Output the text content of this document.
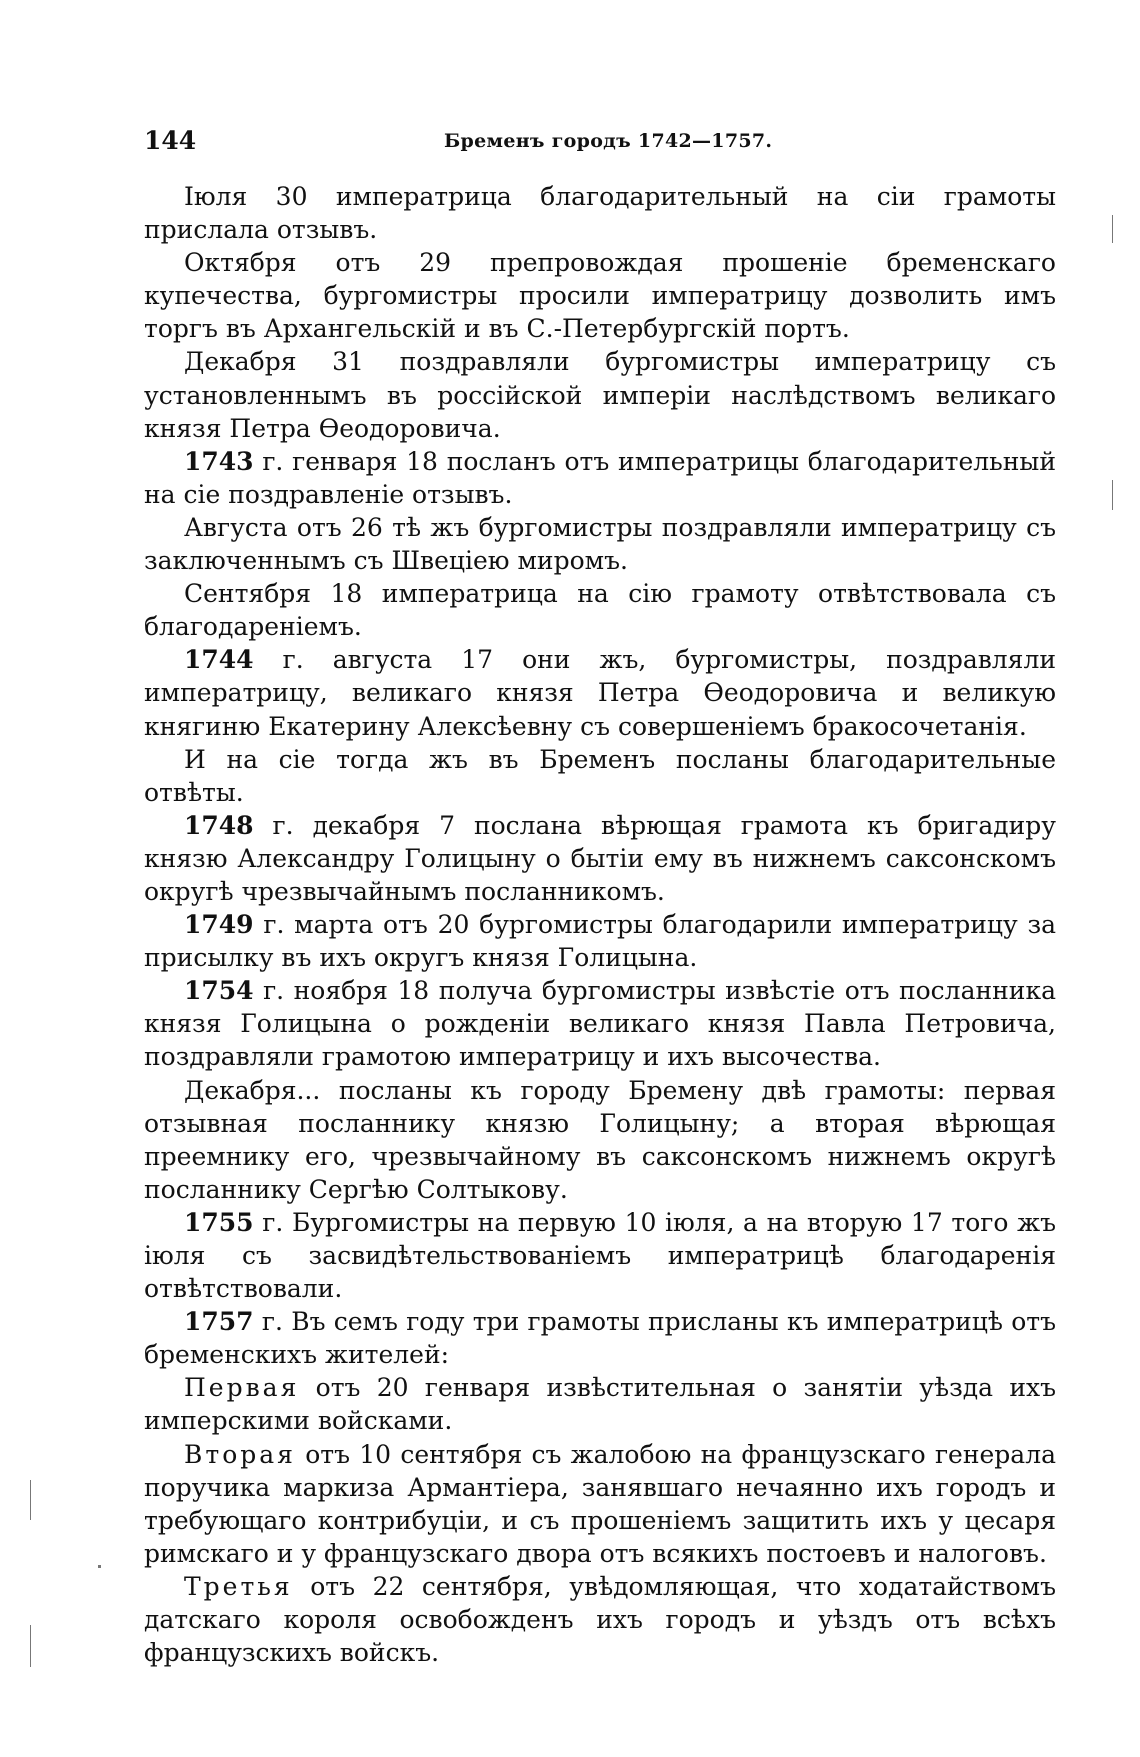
144	Бременъ городъ 1742—1757.

Іюля 30 императрица благодарительный на сіи грамоты прислала отзывъ.

Октября отъ 29 препровождая прошеніе бременскаго купечества, бургомистры просили императрицу дозволить имъ торгъ въ Архангельскій и въ С.-Петербургскій портъ.

Декабря 31 поздравляли бургомистры императрицу съ установленнымъ въ россійской имперіи наслѣдствомъ великаго князя Петра Ѳеодоровича.

1743 г. генваря 18 посланъ отъ императрицы благодарительный на сіе поздравленіе отзывъ.

Августа отъ 26 тѣ жъ бургомистры поздравляли императрицу съ заключеннымъ съ Швеціею миромъ.

Сентября 18 императрица на сію грамоту отвѣтствовала съ благодареніемъ.

1744 г. августа 17 они жъ, бургомистры, поздравляли императрицу, великаго князя Петра Ѳеодоровича и великую княгиню Екатерину Алексѣевну съ совершеніемъ бракосочетанія.

И на сіе тогда жъ въ Бременъ посланы благодарительные отвѣты.

1748 г. декабря 7 послана вѣрющая грамота къ бригадиру князю Александру Голицыну о бытіи ему въ нижнемъ саксонскомъ округѣ чрезвычайнымъ посланникомъ.

1749 г. марта отъ 20 бургомистры благодарили императрицу за присылку въ ихъ округъ князя Голицына.

1754 г. ноября 18 получа бургомистры извѣстіе отъ посланника князя Голицына о рожденіи великаго князя Павла Петровича, поздравляли грамотою императрицу и ихъ высочества.

Декабря... посланы къ городу Бремену двѣ грамоты: первая отзывная посланнику князю Голицыну; а вторая вѣрющая преемнику его, чрезвычайному въ саксонскомъ нижнемъ округѣ посланнику Сергѣю Солтыкову.

1755 г. Бургомистры на первую 10 іюля, а на вторую 17 того жъ іюля съ засвидѣтельствованіемъ императрицѣ благодаренія отвѣтствовали.

1757 г. Въ семъ году три грамоты присланы къ императрицѣ отъ бременскихъ жителей:

Первая отъ 20 генваря извѣстительная о занятіи уѣзда ихъ имперскими войсками.

Вторая отъ 10 сентября съ жалобою на французскаго генерала поручика маркиза Армантіера, занявшаго нечаянно ихъ городъ и требующаго контрибуціи, и съ прошеніемъ защитить ихъ у цесаря римскаго и у французскаго двора отъ всякихъ постоевъ и налоговъ.

Третья отъ 22 сентября, увѣдомляющая, что ходатайствомъ датскаго короля освобожденъ ихъ городъ и уѣздъ отъ всѣхъ французскихъ войскъ.
